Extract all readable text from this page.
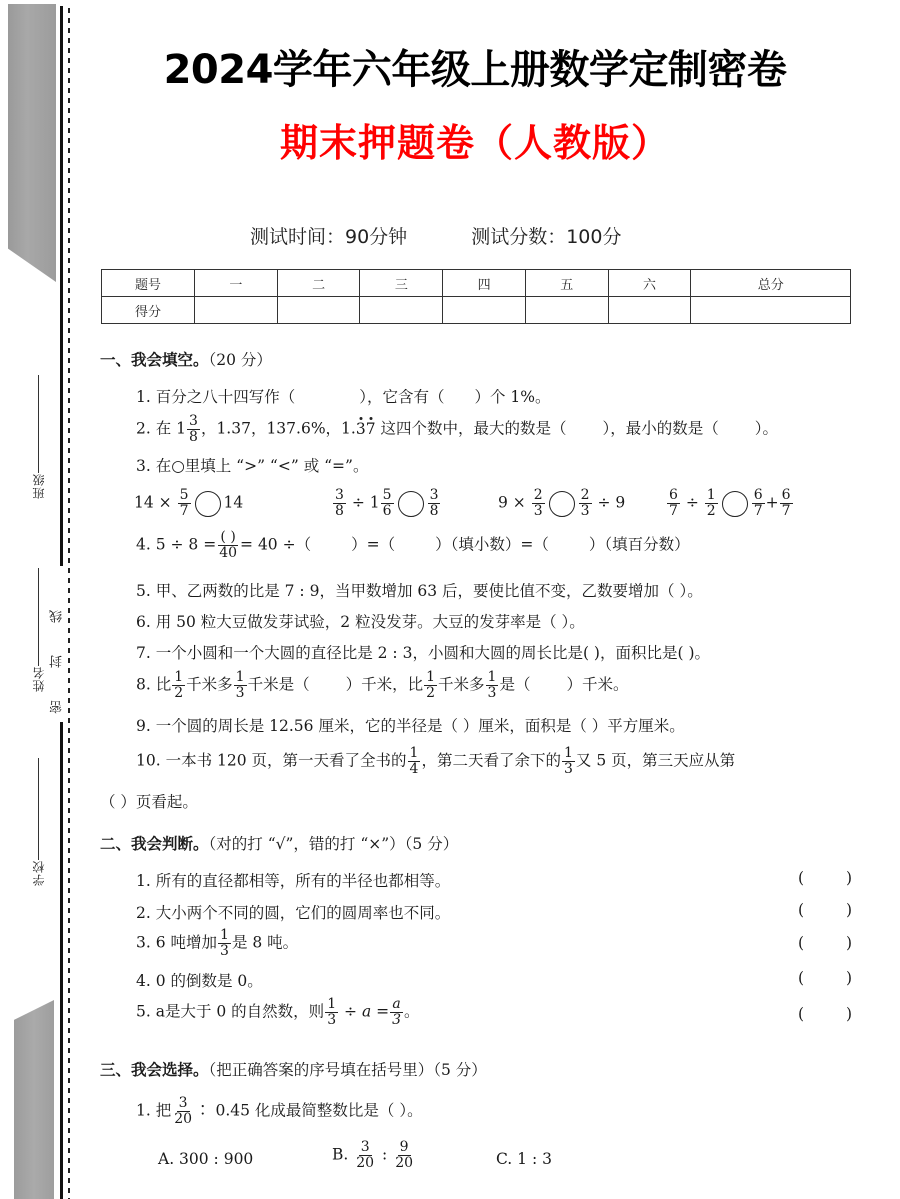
班级
姓名
学校
密 封 线
2024学年六年级上册数学定制密卷
期末押题卷（人教版）
测试时间：90分钟	测试分数：100分
题号	一	二	三	四	五	六	总分
得分							
一、我会填空。（20 分）
1. 百分之八十四写作（	），它含有（ ）个 1%。
2. 在 $1 \frac{3}{8}$ ，1.37，137.6%，1.37 这四个数中，最大的数是（ ），最小的数是（ ）。
3. 在○里填上 “>” “<” 或 “=”。
$14 \times \frac{5}{7} 14$	$\frac{3}{8} \div 1 \frac{5}{6} \frac{3}{8}$	$9 \times \frac{2}{3} \frac{2}{3} \div 9$	$\frac{6}{7} \div \frac{1}{2} \frac{6}{7} + \frac{6}{7}$
4. $5 \div 8 = \frac{( )}{40} = 40$ ÷（	）=（	）（填小数）=（	）（填百分数）
5. 甲、乙两数的比是 7 : 9，当甲数增加 63 后，要使比值不变，乙数要增加（ ）。
6. 用 50 粒大豆做发芽试验，2 粒没发芽。大豆的发芽率是（ ）。
7. 一个小圆和一个大圆的直径比是 2 : 3，小圆和大圆的周长比是( )，面积比是( )。
8. 比 $\frac{1}{2}$ 千米多 $\frac{1}{3}$ 千米是（ ）千米，比 $\frac{1}{2}$ 千米多 $\frac{1}{3}$ 是（ ）千米。
9. 一个圆的周长是 12.56 厘米，它的半径是（ ）厘米，面积是（ ）平方厘米。
10. 一本书 120 页，第一天看了全书的 $\frac{1}{4}$ ，第二天看了余下的 $\frac{1}{3}$ 又 5 页，第三天应从第
（ ）页看起。
二、我会判断。（对的打 “√”，错的打 “×”）（5 分）
1. 所有的直径都相等，所有的半径也都相等。	(	)
2. 大小两个不同的圆，它们的圆周率也不同。	(	)
3. 6 吨增加 $\frac{1}{3}$ 是 8 吨。	(	)
4. 0 的倒数是 0。	(	)
5. a是大于 0 的自然数，则 $\frac{1}{3} \div a = \frac{a}{3}$ 。	(	)
三、我会选择。（把正确答案的序号填在括号里）（5 分）
1. 把 $\frac{3}{20}$ ∶ 0.45 化成最简整数比是（ ）。
A. 300 : 900	B. $\frac{3}{20}$ : $\frac{9}{20}$	C. 1 : 3
